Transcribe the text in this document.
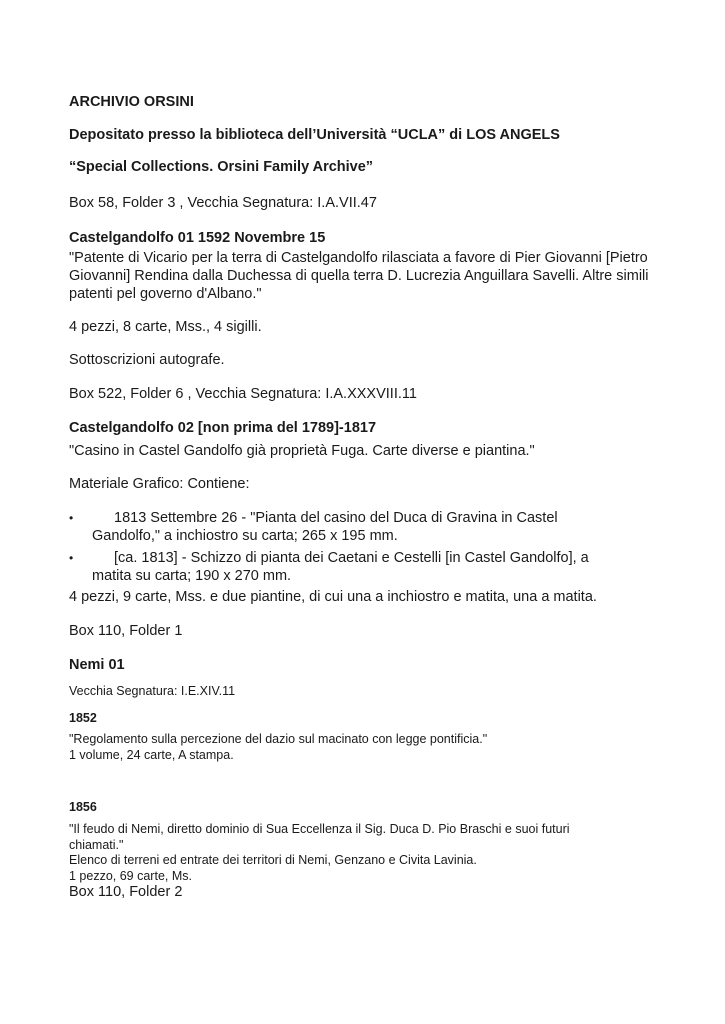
ARCHIVIO ORSINI

Depositato presso la biblioteca dell’Università “UCLA” di LOS ANGELS

“Special Collections. Orsini Family Archive”

Box 58, Folder 3 , Vecchia Segnatura: I.A.VII.47

Castelgandolfo 01 1592 Novembre 15

"Patente di Vicario per la terra di Castelgandolfo rilasciata a favore di Pier Giovanni [Pietro
Giovanni] Rendina dalla Duchessa di quella terra D. Lucrezia Anguillara Savelli. Altre simili
patenti pel governo d'Albano."

4 pezzi, 8 carte, Mss., 4 sigilli.

Sottoscrizioni autografe.

Box 522, Folder 6 , Vecchia Segnatura: I.A.XXXVIII.11

Castelgandolfo 02 [non prima del 1789]-1817

"Casino in Castel Gandolfo già proprietà Fuga. Carte diverse e piantina."

Materiale Grafico: Contiene:

•	1813 Settembre 26 - "Pianta del casino del Duca di Gravina in Castel
Gandolfo," a inchiostro su carta; 265 x 195 mm.
•	[ca. 1813] - Schizzo di pianta dei Caetani e Cestelli [in Castel Gandolfo], a
matita su carta; 190 x 270 mm.

4 pezzi, 9 carte, Mss. e due piantine, di cui una a inchiostro e matita, una a matita.

Box 110, Folder 1

Nemi 01

Vecchia Segnatura: I.E.XIV.11

1852

"Regolamento sulla percezione del dazio sul macinato con legge pontificia."
1 volume, 24 carte, A stampa.

1856

"Il feudo di Nemi, diretto dominio di Sua Eccellenza il Sig. Duca D. Pio Braschi e suoi futuri
chiamati."
Elenco di terreni ed entrate dei territori di Nemi, Genzano e Civita Lavinia.
1 pezzo, 69 carte, Ms.

Box 110, Folder 2
